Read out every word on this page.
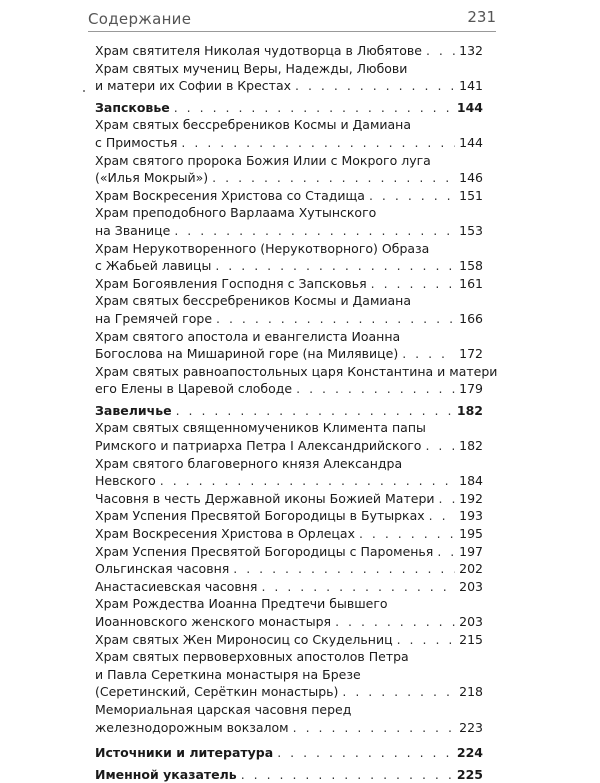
Содержание	231
Храм святителя Николая чудотворца в Любятове . . .	132
Храм святых мучениц Веры, Надежды, Любови
и матери их Софии в Крестах . . .	141
Запсковье . . .	144
Храм святых бессребреников Космы и Дамиана
с Примостья . . .	144
Храм святого пророка Божия Илии с Мокрого луга
(«Илья Мокрый») . . .	146
Храм Воскресения Христова со Стадища . . .	151
Храм преподобного Варлаама Хутынского
на Званице . . .	153
Храм Нерукотворенного (Нерукотворного) Образа
с Жабьей лавицы . . .	158
Храм Богоявления Господня с Запсковья . . .	161
Храм святых бессребреников Космы и Дамиана
на Гремячей горе . . .	166
Храм святого апостола и евангелиста Иоанна
Богослова на Мишариной горе (на Милявице) . . .	172
Храм святых равноапостольных царя Константина и матери
его Елены в Царевой слободе . . .	179
Завеличье . . .	182
Храм святых священномучеников Климента папы
Римского и патриарха Петра I Александрийского . . .	182
Храм святого благоверного князя Александра
Невского . . .	184
Часовня в честь Державной иконы Божией Матери . . . 192
Храм Успения Пресвятой Богородицы в Бутырках . . .	193
Храм Воскресения Христова в Орлецах . . .	195
Храм Успения Пресвятой Богородицы с Пароменья . . . 197
Ольгинская часовня . . .	202
Анастасиевская часовня . . .	203
Храм Рождества Иоанна Предтечи бывшего
Иоанновского женского монастыря . . .	203
Храм святых Жен Мироносиц со Скудельниц . . .	215
Храм святых первоверховных апостолов Петра
и Павла Сереткина монастыря на Брезе
(Серетинский, Серёткин монастырь) . . .	218
Мемориальная царская часовня перед
железнодорожным вокзалом . . .	223
Источники и литература . . .	224
Именной указатель . . .	225
